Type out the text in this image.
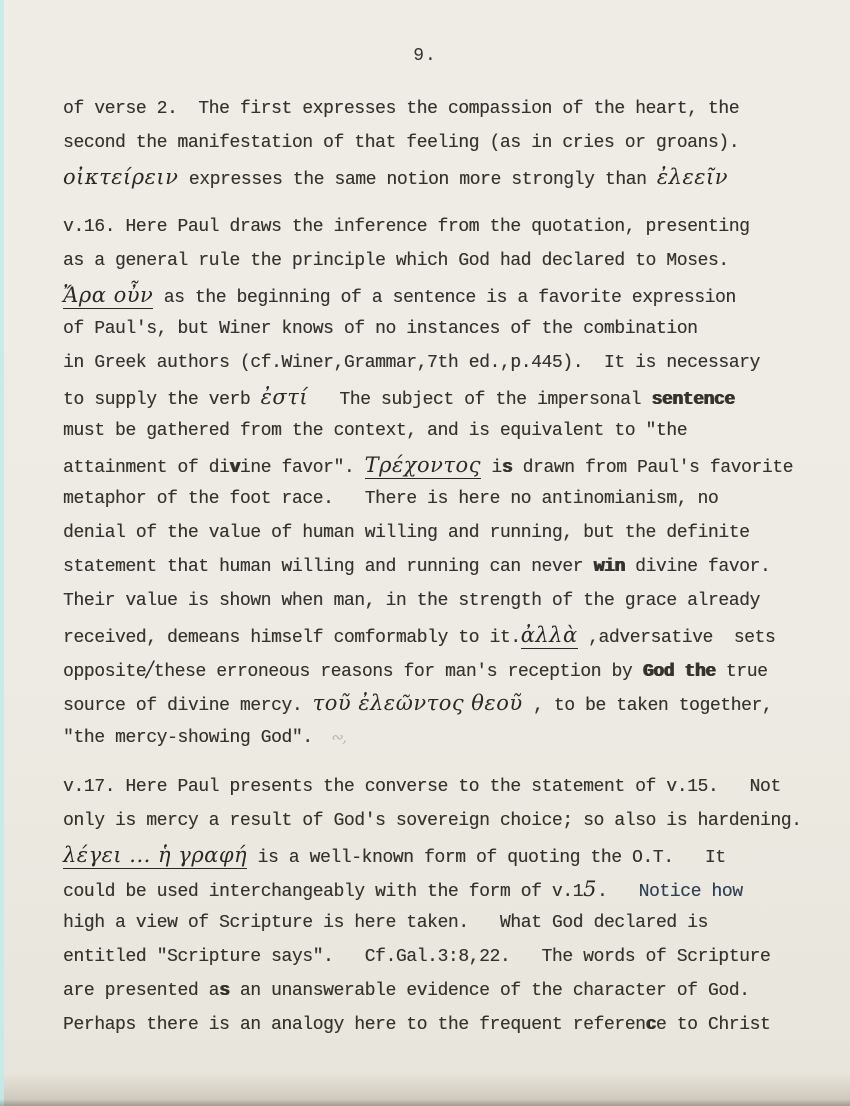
9.
of verse 2.  The first expresses the compassion of the heart, the
second the manifestation of that feeling (as in cries or groans).
οἰκτείρειν expresses the same notion more strongly than ἐλεεῖν
v.16. Here Paul draws the inference from the quotation, presenting
as a general rule the principle which God had declared to Moses.
Ἄρα οὖν as the beginning of a sentence is a favorite expression
of Paul's, but Winer knows of no instances of the combination
in Greek authors (cf.Winer,Grammar,7th ed.,p.445).  It is necessary
to supply the verb ἐστί   The subject of the impersonal sentence
must be gathered from the context, and is equivalent to "the
attainment of divine favor". Τρέχοντος is drawn from Paul's favorite
metaphor of the foot race.   There is here no antinomianism, no
denial of the value of human willing and running, but the definite
statement that human willing and running can never win divine favor.
Their value is shown when man, in the strength of the grace already
received, demeans himself comformably to it.ἀλλὰ ,adversative  sets
opposite/these erroneous reasons for man's reception by God the true
source of divine mercy. τοῦ ἐλεῶντος θεοῦ , to be taken together,
"the mercy-showing God".    ∾,
v.17. Here Paul presents the converse to the statement of v.15.   Not
only is mercy a result of God's sovereign choice; so also is hardening.
λέγει ... ἡ γραφή is a well-known form of quoting the O.T.   It
could be used interchangeably with the form of v.15.   Notice how
high a view of Scripture is here taken.   What God declared is
entitled "Scripture says".   Cf.Gal.3:8,22.   The words of Scripture
are presented as an unanswerable evidence of the character of God.
Perhaps there is an analogy here to the frequent reference to Christ
